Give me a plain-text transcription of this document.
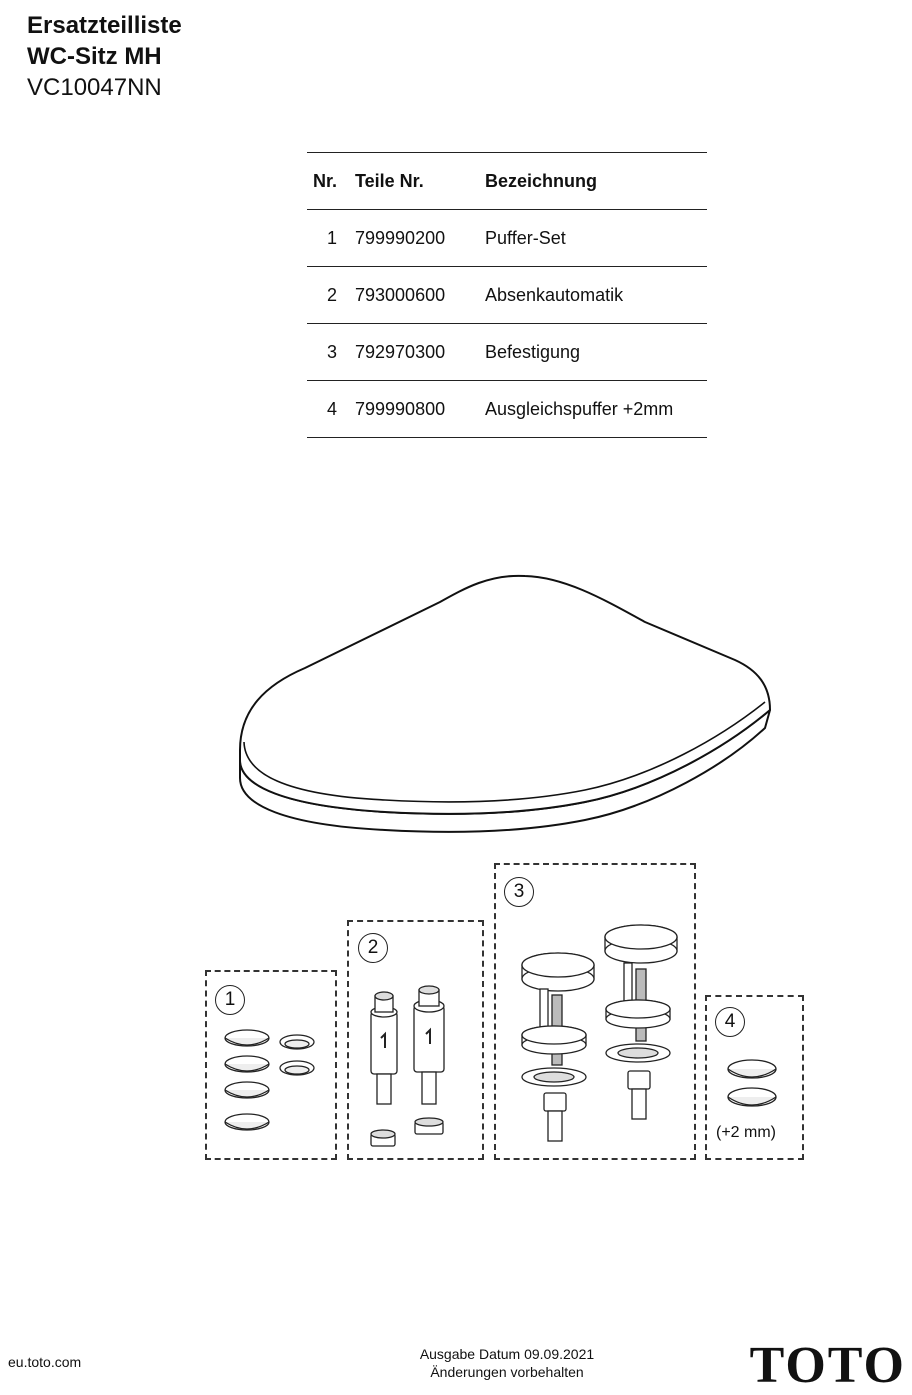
Ersatzteilliste
WC-Sitz MH
VC10047NN
Nr.	Teile Nr.	Bezeichnung
1	799990200	Puffer-Set
2	793000600	Absenkautomatik
3	792970300	Befestigung
4	799990800	Ausgleichspuffer +2mm
1
2
3
4
(+2 mm)
eu.toto.com	Ausgabe Datum 09.09.2021
Änderungen vorbehalten	TOTO
